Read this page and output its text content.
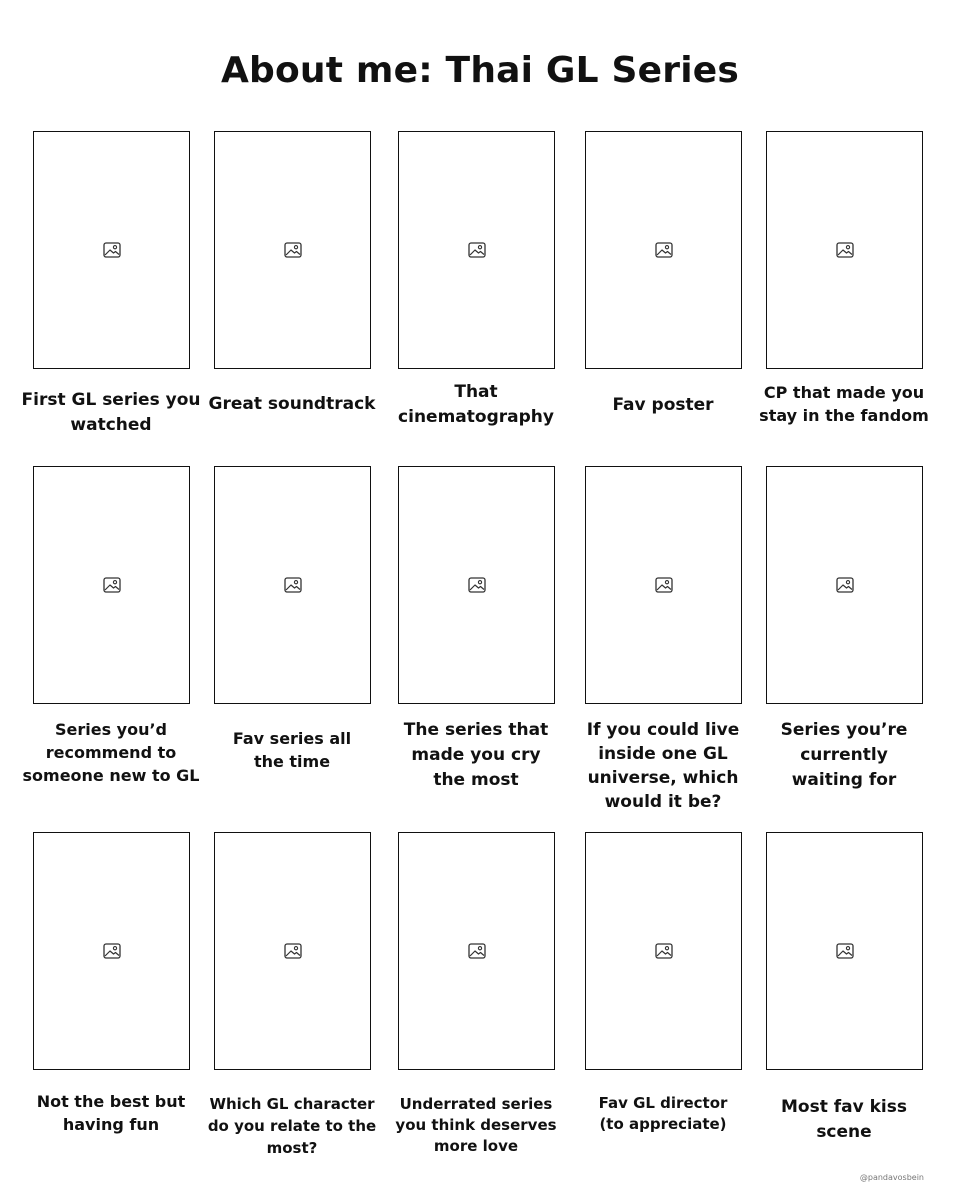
About me: Thai GL Series
First GL series you
watched
Great soundtrack
That
cinematography
Fav poster
CP that made you
stay in the fandom
Series you’d
recommend to
someone new to GL
Fav series all
the time
The series that
made you cry
the most
If you could live
inside one GL
universe, which
would it be?
Series you’re
currently
waiting for
Not the best but
having fun
Which GL character
do you relate to the
most?
Underrated series
you think deserves
more love
Fav GL director
(to appreciate)
Most fav kiss
scene
@pandavosbein
